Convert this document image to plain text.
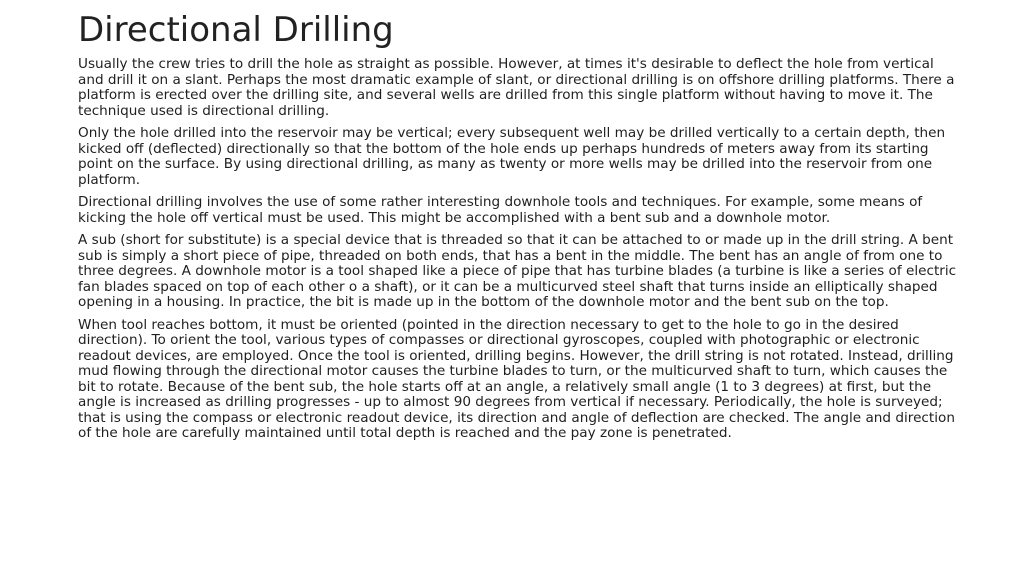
Directional Drilling

Usually the crew tries to drill the hole as straight as possible. However, at times it's desirable to deflect the hole from vertical and drill it on a slant. Perhaps the most dramatic example of slant, or directional drilling is on offshore drilling platforms. There a platform is erected over the drilling site, and several wells are drilled from this single platform without having to move it. The technique used is directional drilling.

Only the hole drilled into the reservoir may be vertical; every subsequent well may be drilled vertically to a certain depth, then kicked off (deflected) directionally so that the bottom of the hole ends up perhaps hundreds of meters away from its starting point on the surface. By using directional drilling, as many as twenty or more wells may be drilled into the reservoir from one platform.

Directional drilling involves the use of some rather interesting downhole tools and techniques. For example, some means of kicking the hole off vertical must be used. This might be accomplished with a bent sub and a downhole motor.

A sub (short for substitute) is a special device that is threaded so that it can be attached to or made up in the drill string. A bent sub is simply a short piece of pipe, threaded on both ends, that has a bent in the middle. The bent has an angle of from one to three degrees. A downhole motor is a tool shaped like a piece of pipe that has turbine blades (a turbine is like a series of electric fan blades spaced on top of each other o a shaft), or it can be a multicurved steel shaft that turns inside an elliptically shaped opening in a housing. In practice, the bit is made up in the bottom of the downhole motor and the bent sub on the top.

When tool reaches bottom, it must be oriented (pointed in the direction necessary to get to the hole to go in the desired direction). To orient the tool, various types of compasses or directional gyroscopes, coupled with photographic or electronic readout devices, are employed. Once the tool is oriented, drilling begins. However, the drill string is not rotated. Instead, drilling mud flowing through the directional motor causes the turbine blades to turn, or the multicurved shaft to turn, which causes the bit to rotate. Because of the bent sub, the hole starts off at an angle, a relatively small angle (1 to 3 degrees) at first, but the angle is increased as drilling progresses - up to almost 90 degrees from vertical if necessary. Periodically, the hole is surveyed; that is using the compass or electronic readout device, its direction and angle of deflection are checked. The angle and direction of the hole are carefully maintained until total depth is reached and the pay zone is penetrated.
